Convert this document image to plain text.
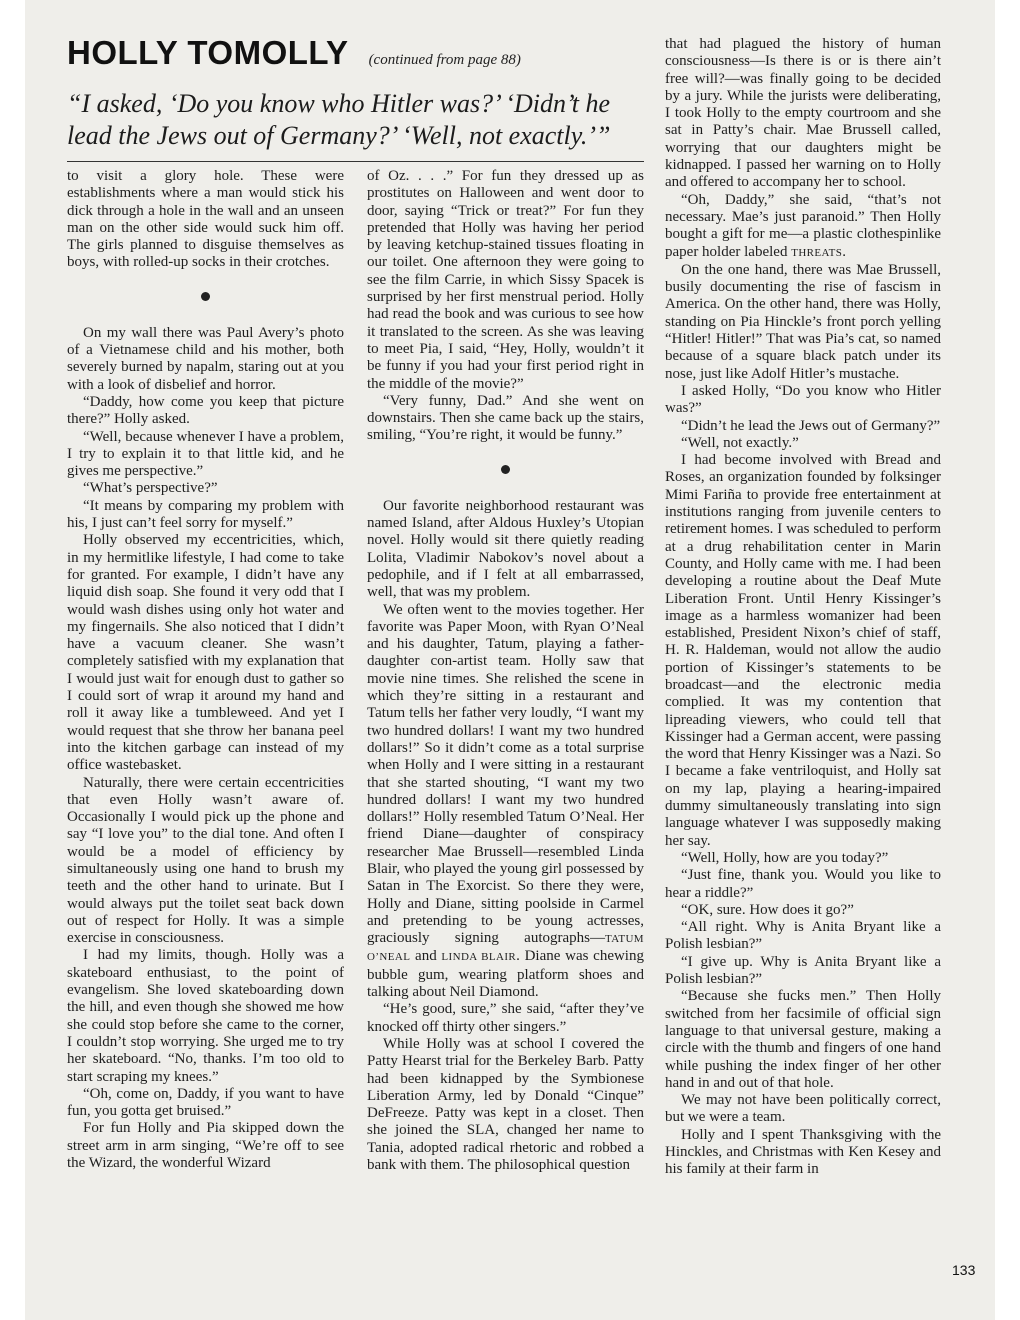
HOLLY TOMOLLY (continued from page 88)
“I asked, ‘Do you know who Hitler was?’ ‘Didn’t he lead the Jews out of Germany?’ ‘Well, not exactly.’”

to visit a glory hole. These were establishments where a man would stick his dick through a hole in the wall and an unseen man on the other side would suck him off. The girls planned to disguise themselves as boys, with rolled-up socks in their crotches.

On my wall there was Paul Avery’s photo of a Vietnamese child and his mother, both severely burned by napalm, staring out at you with a look of disbelief and horror.

“Daddy, how come you keep that picture there?” Holly asked.

“Well, because whenever I have a problem, I try to explain it to that little kid, and he gives me perspective.”

“What’s perspective?”

“It means by comparing my problem with his, I just can’t feel sorry for myself.”

Holly observed my eccentricities, which, in my hermitlike lifestyle, I had come to take for granted. For example, I didn’t have any liquid dish soap. She found it very odd that I would wash dishes using only hot water and my fingernails. She also noticed that I didn’t have a vacuum cleaner. She wasn’t completely satisfied with my explanation that I would just wait for enough dust to gather so I could sort of wrap it around my hand and roll it away like a tumbleweed. And yet I would request that she throw her banana peel into the kitchen garbage can instead of my office wastebasket.

Naturally, there were certain eccentricities that even Holly wasn’t aware of. Occasionally I would pick up the phone and say “I love you” to the dial tone. And often I would be a model of efficiency by simultaneously using one hand to brush my teeth and the other hand to urinate. But I would always put the toilet seat back down out of respect for Holly. It was a simple exercise in consciousness.

I had my limits, though. Holly was a skateboard enthusiast, to the point of evangelism. She loved skateboarding down the hill, and even though she showed me how she could stop before she came to the corner, I couldn’t stop worrying. She urged me to try her skateboard. “No, thanks. I’m too old to start scraping my knees.”

“Oh, come on, Daddy, if you want to have fun, you gotta get bruised.”

For fun Holly and Pia skipped down the street arm in arm singing, “We’re off to see the Wizard, the wonderful Wizard

of Oz. . . .” For fun they dressed up as prostitutes on Halloween and went door to door, saying “Trick or treat?” For fun they pretended that Holly was having her period by leaving ketchup-stained tissues floating in our toilet. One afternoon they were going to see the film Carrie, in which Sissy Spacek is surprised by her first menstrual period. Holly had read the book and was curious to see how it translated to the screen. As she was leaving to meet Pia, I said, “Hey, Holly, wouldn’t it be funny if you had your first period right in the middle of the movie?”

“Very funny, Dad.” And she went on downstairs. Then she came back up the stairs, smiling, “You’re right, it would be funny.”

Our favorite neighborhood restaurant was named Island, after Aldous Huxley’s Utopian novel. Holly would sit there quietly reading Lolita, Vladimir Nabokov’s novel about a pedophile, and if I felt at all embarrassed, well, that was my problem.

We often went to the movies together. Her favorite was Paper Moon, with Ryan O’Neal and his daughter, Tatum, playing a father-daughter con-artist team. Holly saw that movie nine times. She relished the scene in which they’re sitting in a restaurant and Tatum tells her father very loudly, “I want my two hundred dollars! I want my two hundred dollars!” So it didn’t come as a total surprise when Holly and I were sitting in a restaurant that she started shouting, “I want my two hundred dollars! I want my two hundred dollars!” Holly resembled Tatum O’Neal. Her friend Diane—daughter of conspiracy researcher Mae Brussell—resembled Linda Blair, who played the young girl possessed by Satan in The Exorcist. So there they were, Holly and Diane, sitting poolside in Carmel and pretending to be young actresses, graciously signing autographs—TATUM O’NEAL and LINDA BLAIR. Diane was chewing bubble gum, wearing platform shoes and talking about Neil Diamond.

“He’s good, sure,” she said, “after they’ve knocked off thirty other singers.”

While Holly was at school I covered the Patty Hearst trial for the Berkeley Barb. Patty had been kidnapped by the Symbionese Liberation Army, led by Donald “Cinque” DeFreeze. Patty was kept in a closet. Then she joined the SLA, changed her name to Tania, adopted radical rhetoric and robbed a bank with them. The philosophical question

that had plagued the history of human consciousness—Is there is or is there ain’t free will?—was finally going to be decided by a jury. While the jurists were deliberating, I took Holly to the empty courtroom and she sat in Patty’s chair. Mae Brussell called, worrying that our daughters might be kidnapped. I passed her warning on to Holly and offered to accompany her to school.

“Oh, Daddy,” she said, “that’s not necessary. Mae’s just paranoid.” Then Holly bought a gift for me—a plastic clothespinlike paper holder labeled THREATS.

On the one hand, there was Mae Brussell, busily documenting the rise of fascism in America. On the other hand, there was Holly, standing on Pia Hinckle’s front porch yelling “Hitler! Hitler!” That was Pia’s cat, so named because of a square black patch under its nose, just like Adolf Hitler’s mustache.

I asked Holly, “Do you know who Hitler was?”

“Didn’t he lead the Jews out of Germany?”

“Well, not exactly.”

I had become involved with Bread and Roses, an organization founded by folksinger Mimi Fariña to provide free entertainment at institutions ranging from juvenile centers to retirement homes. I was scheduled to perform at a drug rehabilitation center in Marin County, and Holly came with me. I had been developing a routine about the Deaf Mute Liberation Front. Until Henry Kissinger’s image as a harmless womanizer had been established, President Nixon’s chief of staff, H. R. Haldeman, would not allow the audio portion of Kissinger’s statements to be broadcast—and the electronic media complied. It was my contention that lipreading viewers, who could tell that Kissinger had a German accent, were passing the word that Henry Kissinger was a Nazi. So I became a fake ventriloquist, and Holly sat on my lap, playing a hearing-impaired dummy simultaneously translating into sign language whatever I was supposedly making her say.

“Well, Holly, how are you today?”

“Just fine, thank you. Would you like to hear a riddle?”

“OK, sure. How does it go?”

“All right. Why is Anita Bryant like a Polish lesbian?”

“I give up. Why is Anita Bryant like a Polish lesbian?”

“Because she fucks men.” Then Holly switched from her facsimile of official sign language to that universal gesture, making a circle with the thumb and fingers of one hand while pushing the index finger of her other hand in and out of that hole.

We may not have been politically correct, but we were a team.

Holly and I spent Thanksgiving with the Hinckles, and Christmas with Ken Kesey and his family at their farm in

133
